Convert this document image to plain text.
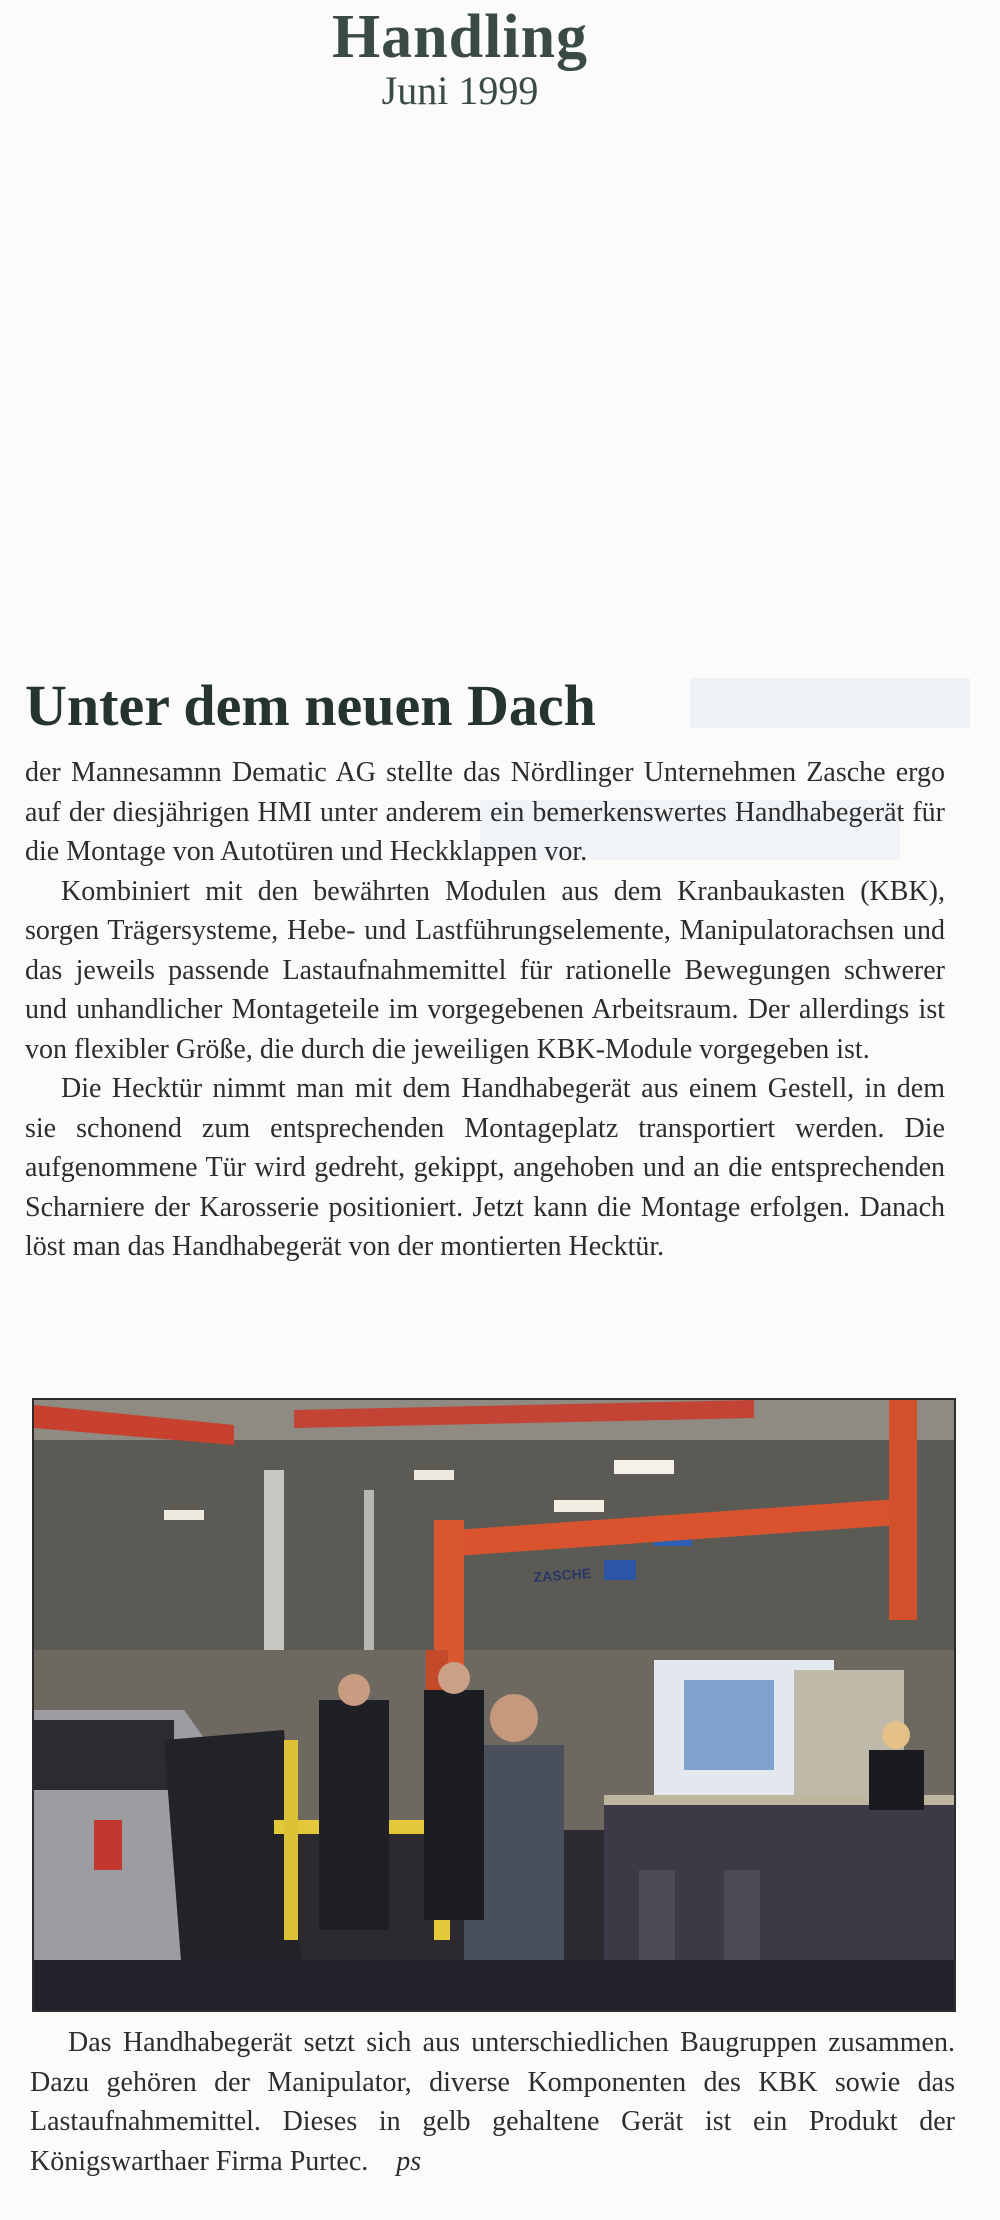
Handling
Juni 1999
Unter dem neuen Dach

der Mannesamnn Dematic AG stellte das Nördlinger Unternehmen Zasche ergo auf der diesjährigen HMI unter anderem ein bemerkenswertes Handhabegerät für die Montage von Autotüren und Heckklappen vor.

Kombiniert mit den bewährten Modulen aus dem Kranbaukasten (KBK), sorgen Trägersysteme, Hebe- und Lastführungselemente, Manipulatorachsen und das jeweils passende Lastaufnahmemittel für rationelle Bewegungen schwerer und unhandlicher Montageteile im vorgegebenen Arbeitsraum. Der allerdings ist von flexibler Größe, die durch die jeweiligen KBK-Module vorgegeben ist.

Die Hecktür nimmt man mit dem Handhabegerät aus einem Gestell, in dem sie schonend zum entsprechenden Montageplatz transportiert werden. Die aufgenommene Tür wird gedreht, gekippt, angehoben und an die entsprechenden Scharniere der Karosserie positioniert. Jetzt kann die Montage erfolgen. Danach löst man das Handhabegerät von der montierten Hecktür.

ZASCHE

Das Handhabegerät setzt sich aus unterschiedlichen Baugruppen zusammen. Dazu gehören der Manipulator, diverse Komponenten des KBK sowie das Lastaufnahmemittel. Dieses in gelb gehaltene Gerät ist ein Produkt der Königswarthaer Firma Purtec. ps
